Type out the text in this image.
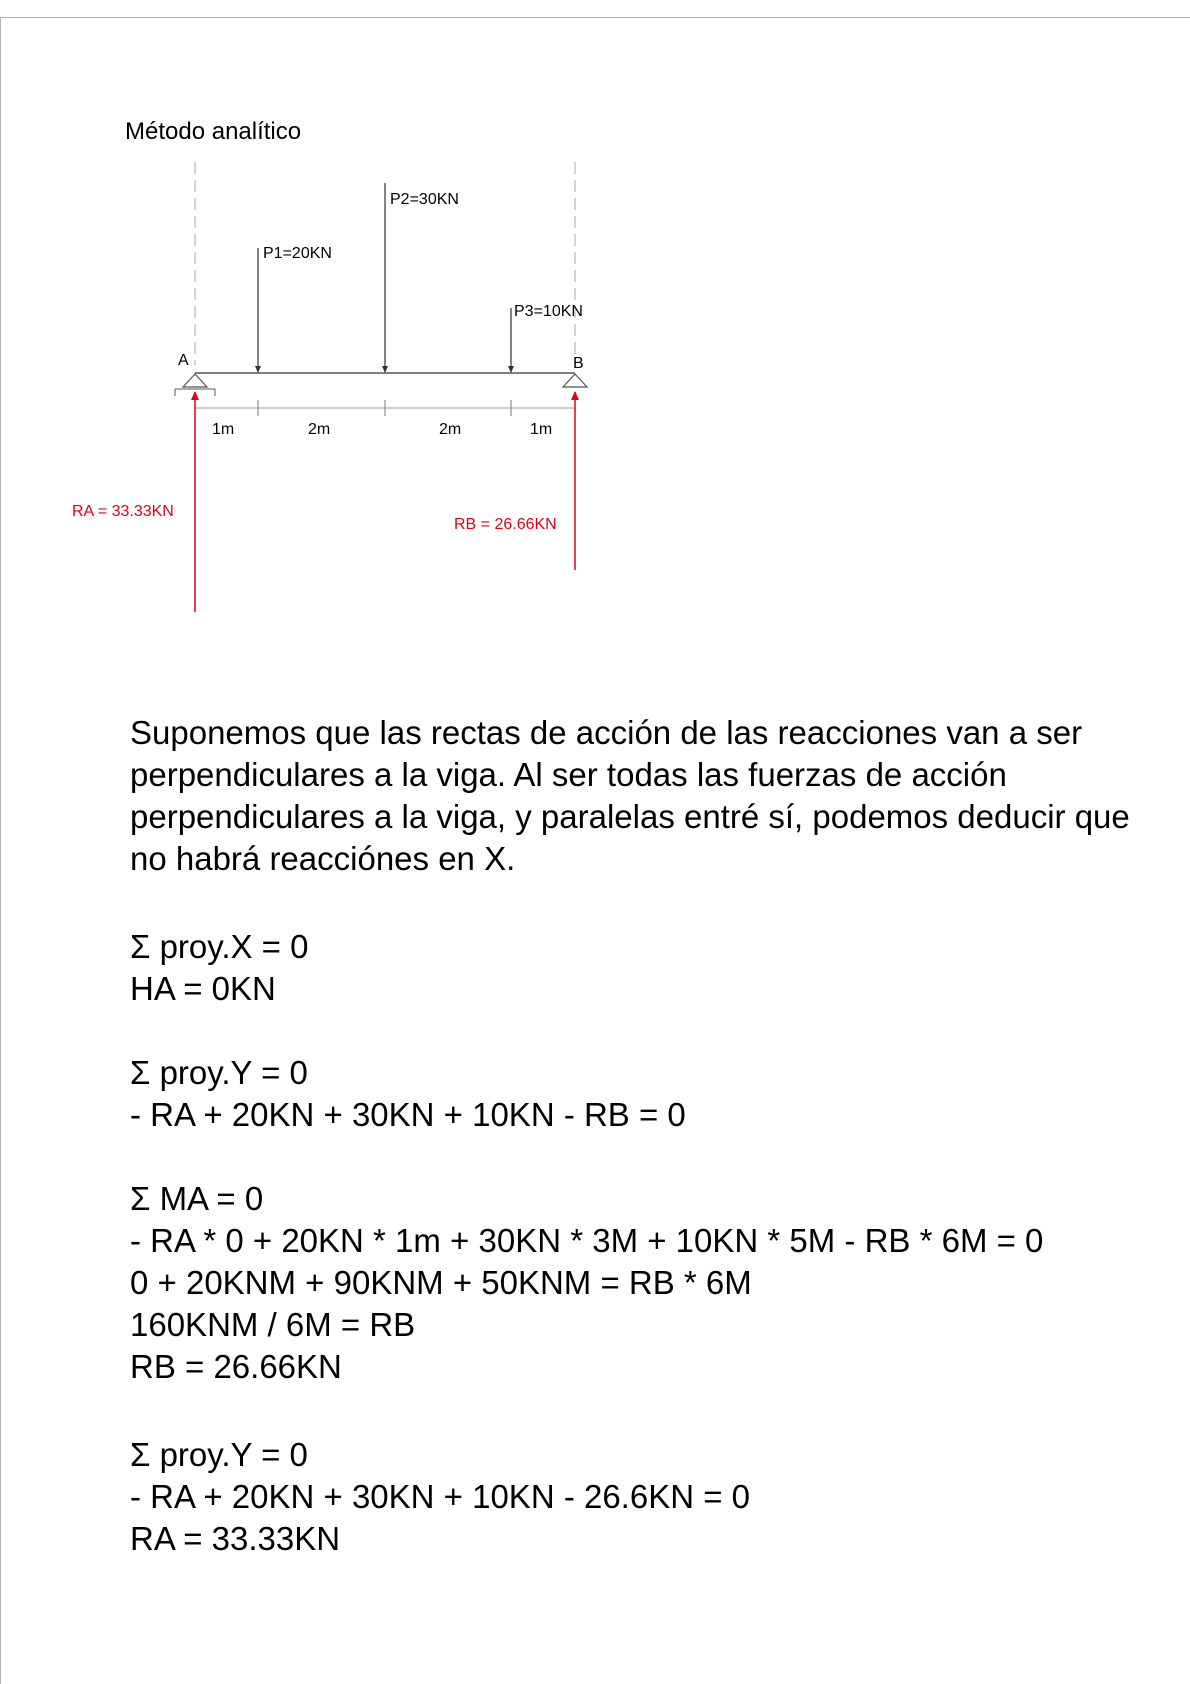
Método analítico
A	B
P1=20KN
P2=30KN
P3=10KN
1m	2m	2m	1m
RA = 33.33KN
RB = 26.66KN

Suponemos que las rectas de acción de las reacciones van a ser perpendiculares a la viga. Al ser todas las fuerzas de acción perpendiculares a la viga, y paralelas entré sí, podemos deducir que no habrá reacciónes en X.

Σ proy.X = 0
HA = 0KN
Σ proy.Y = 0
- RA + 20KN + 30KN + 10KN - RB = 0
Σ MA = 0
- RA * 0 + 20KN * 1m + 30KN * 3M + 10KN * 5M - RB * 6M = 0
0 + 20KNM + 90KNM + 50KNM = RB * 6M
160KNM / 6M = RB
RB = 26.66KN
Σ proy.Y = 0
- RA + 20KN + 30KN + 10KN - 26.6KN = 0
RA = 33.33KN
